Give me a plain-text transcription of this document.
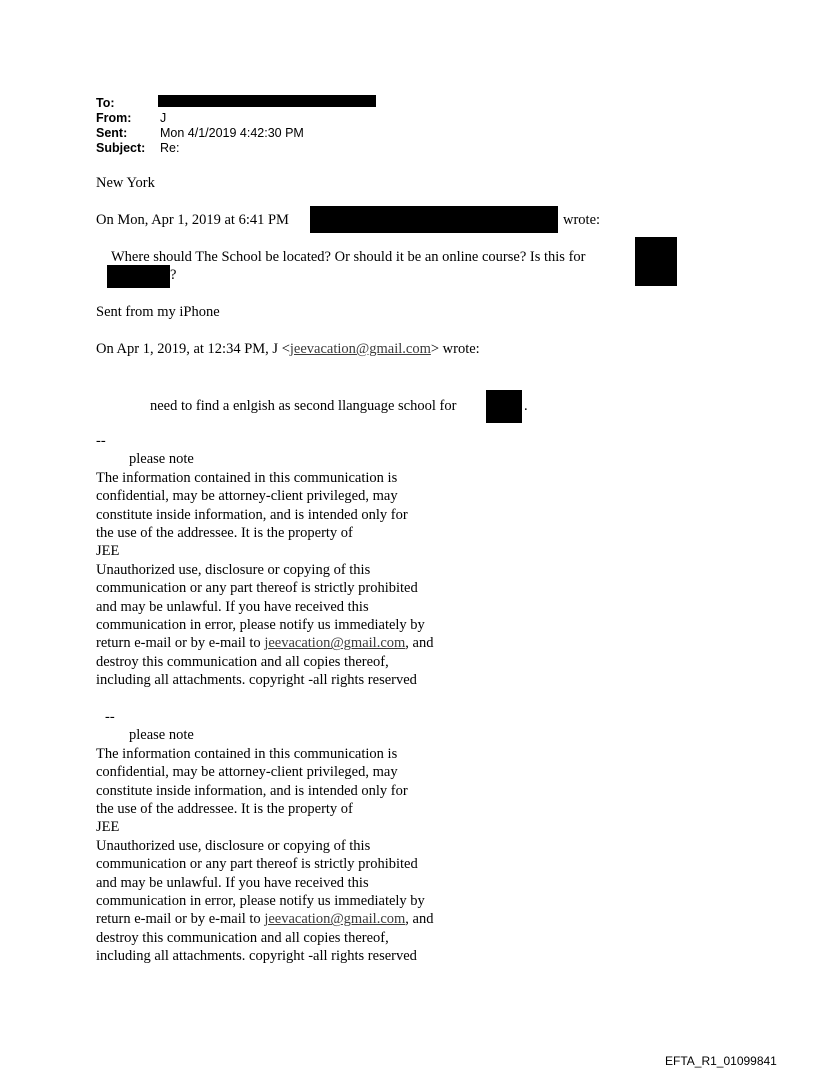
To:
From: J
Sent:	Mon 4/1/2019 4:42:30 PM
Subject: Re:
New York
On Mon, Apr 1, 2019 at 6:41 PM	wrote:
Where should The School be located? Or should it be an online course? Is this for
?
Sent from my iPhone
On Apr 1, 2019, at 12:34 PM, J <jeevacation@gmail.com> wrote:
need to find a enlgish as second llanguage school for	.
--
please note
The information contained in this communication is
confidential, may be attorney-client privileged, may
constitute inside information, and is intended only for
the use of the addressee. It is the property of
JEE
Unauthorized use, disclosure or copying of this
communication or any part thereof is strictly prohibited
and may be unlawful. If you have received this
communication in error, please notify us immediately by
return e-mail or by e-mail to jeevacation@gmail.com, and
destroy this communication and all copies thereof,
including all attachments. copyright -all rights reserved
--
please note
The information contained in this communication is
confidential, may be attorney-client privileged, may
constitute inside information, and is intended only for
the use of the addressee. It is the property of
JEE
Unauthorized use, disclosure or copying of this
communication or any part thereof is strictly prohibited
and may be unlawful. If you have received this
communication in error, please notify us immediately by
return e-mail or by e-mail to jeevacation@gmail.com, and
destroy this communication and all copies thereof,
including all attachments. copyright -all rights reserved
EFTA_R1_01099841
